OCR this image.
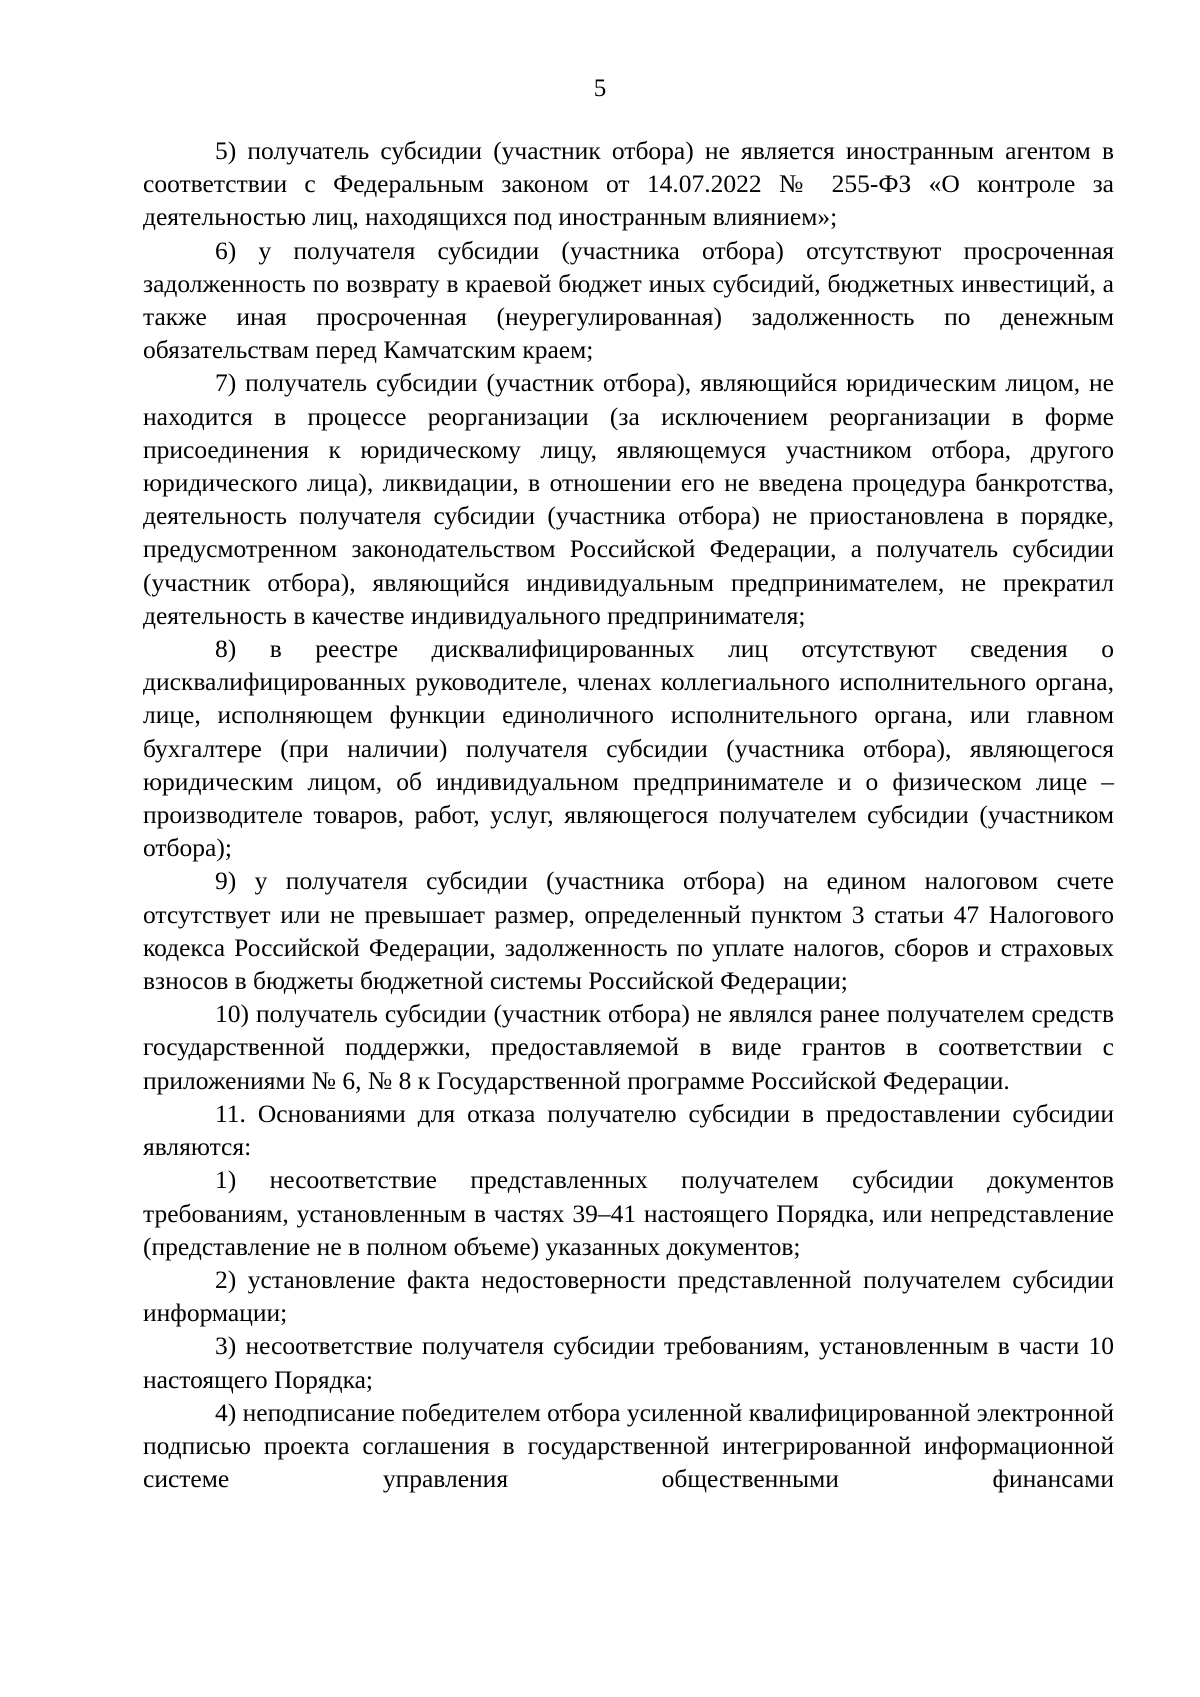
5

5) получатель субсидии (участник отбора) не является иностранным агентом в соответствии с Федеральным законом от 14.07.2022 № 255-ФЗ «О контроле за деятельностью лиц, находящихся под иностранным влиянием»;

6) у получателя субсидии (участника отбора) отсутствуют просроченная задолженность по возврату в краевой бюджет иных субсидий, бюджетных инвестиций, а также иная просроченная (неурегулированная) задолженность по денежным обязательствам перед Камчатским краем;

7) получатель субсидии (участник отбора), являющийся юридическим лицом, не находится в процессе реорганизации (за исключением реорганизации в форме присоединения к юридическому лицу, являющемуся участником отбора, другого юридического лица), ликвидации, в отношении его не введена процедура банкротства, деятельность получателя субсидии (участника отбора) не приостановлена в порядке, предусмотренном законодательством Российской Федерации, а получатель субсидии (участник отбора), являющийся индивидуальным предпринимателем, не прекратил деятельность в качестве индивидуального предпринимателя;

8) в реестре дисквалифицированных лиц отсутствуют сведения о дисквалифицированных руководителе, членах коллегиального исполнительного органа, лице, исполняющем функции единоличного исполнительного органа, или главном бухгалтере (при наличии) получателя субсидии (участника отбора), являющегося юридическим лицом, об индивидуальном предпринимателе и о физическом лице – производителе товаров, работ, услуг, являющегося получателем субсидии (участником отбора);

9) у получателя субсидии (участника отбора) на едином налоговом счете отсутствует или не превышает размер, определенный пунктом 3 статьи 47 Налогового кодекса Российской Федерации, задолженность по уплате налогов, сборов и страховых взносов в бюджеты бюджетной системы Российской Федерации;

10) получатель субсидии (участник отбора) не являлся ранее получателем средств государственной поддержки, предоставляемой в виде грантов в соответствии с приложениями № 6, № 8 к Государственной программе Российской Федерации.

11. Основаниями для отказа получателю субсидии в предоставлении субсидии являются:

1) несоответствие представленных получателем субсидии документов требованиям, установленным в частях 39–41 настоящего Порядка, или непредставление (представление не в полном объеме) указанных документов;

2) установление факта недостоверности представленной получателем субсидии информации;

3) несоответствие получателя субсидии требованиям, установленным в части 10 настоящего Порядка;

4) неподписание победителем отбора усиленной квалифицированной электронной подписью проекта соглашения в государственной интегрированной информационной системе управления общественными финансами
